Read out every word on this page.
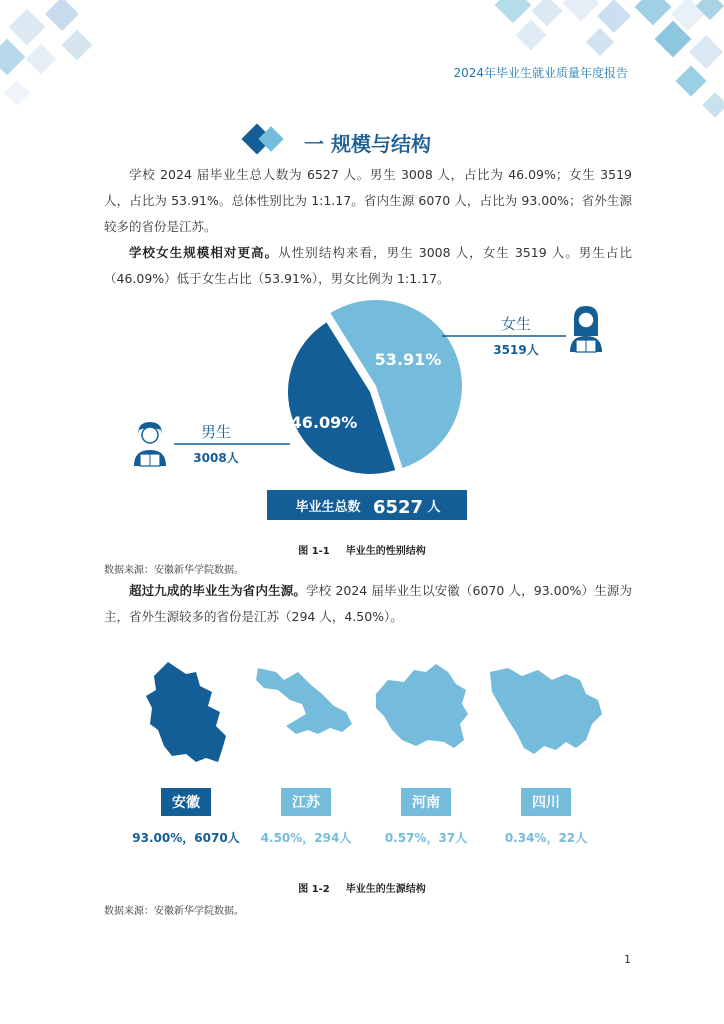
2024年毕业生就业质量年度报告
一 规模与结构
学校 2024 届毕业生总人数为 6527 人。男生 3008 人，占比为 46.09%；女生 3519 人，占比为 53.91%。总体性别比为 1:1.17。省内生源 6070 人，占比为 93.00%；省外生源较多的省份是江苏。
学校女生规模相对更高。从性别结构来看，男生 3008 人，女生 3519 人。男生占比（46.09%）低于女生占比（53.91%），男女比例为 1:1.17。
53.91%
46.09%
女生
3519人
男生
3008人
毕业生总数 6527 人
图 1-1 毕业生的性别结构
数据来源：安徽新华学院数据。
超过九成的毕业生为省内生源。学校 2024 届毕业生以安徽（6070 人，93.00%）生源为主，省外生源较多的省份是江苏（294 人，4.50%）。
安徽
93.00%，6070人
江苏
4.50%，294人
河南
0.57%，37人
四川
0.34%，22人
图 1-2 毕业生的生源结构
数据来源：安徽新华学院数据。
1
